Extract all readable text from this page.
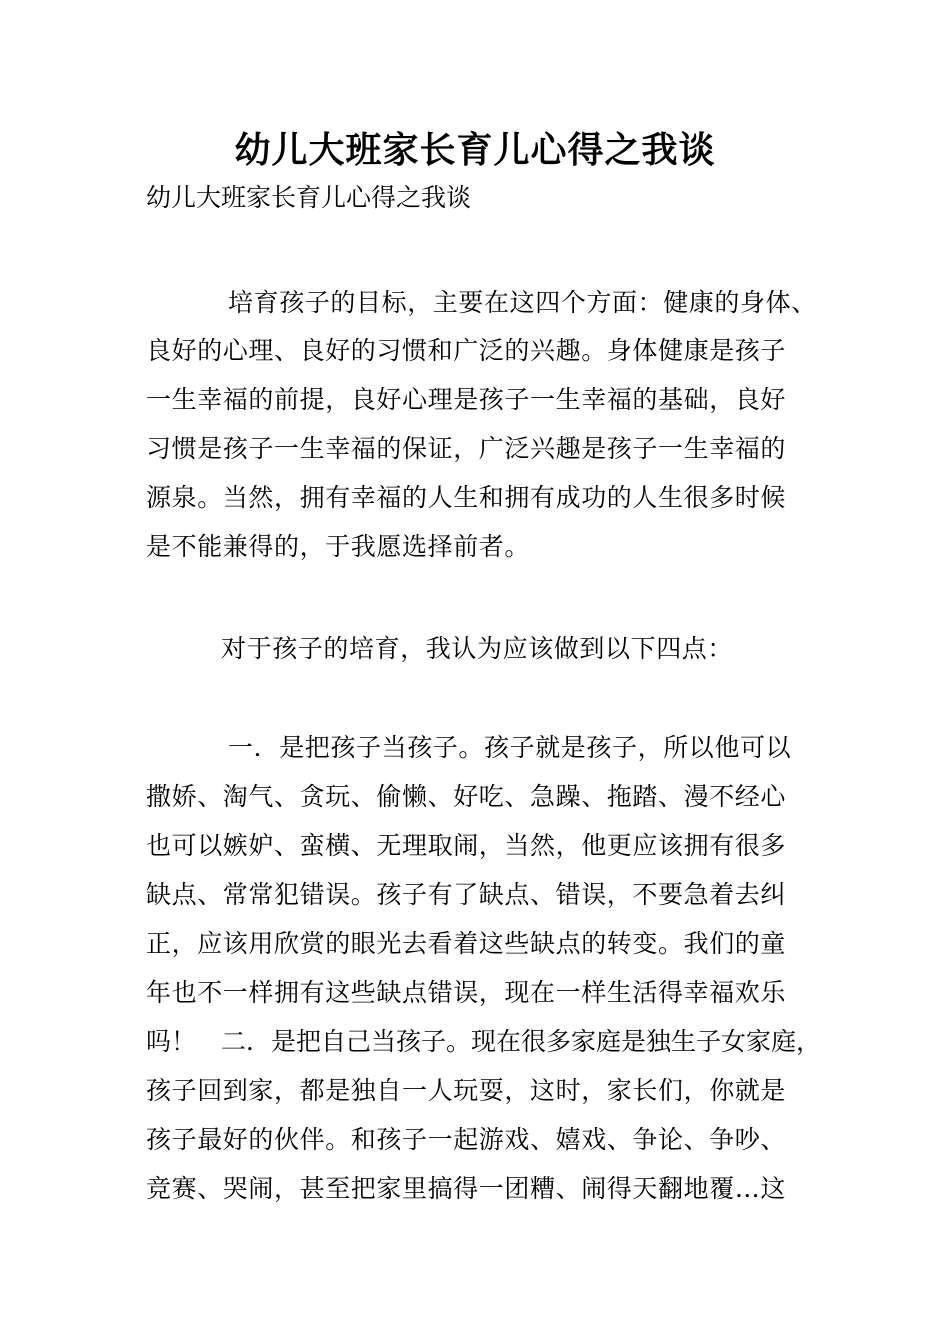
幼儿大班家长育儿心得之我谈

幼儿大班家长育儿心得之我谈

培育孩子的目标，主要在这四个方面：健康的身体、

良好的心理、良好的习惯和广泛的兴趣。身体健康是孩子

一生幸福的前提，良好心理是孩子一生幸福的基础，良好

习惯是孩子一生幸福的保证，广泛兴趣是孩子一生幸福的

源泉。当然，拥有幸福的人生和拥有成功的人生很多时候

是不能兼得的，于我愿选择前者。

对于孩子的培育，我认为应该做到以下四点：

一．是把孩子当孩子。孩子就是孩子，所以他可以

撒娇、淘气、贪玩、偷懒、好吃、急躁、拖踏、漫不经心

也可以嫉妒、蛮横、无理取闹，当然，他更应该拥有很多

缺点、常常犯错误。孩子有了缺点、错误，不要急着去纠

正，应该用欣赏的眼光去看着这些缺点的转变。我们的童

年也不一样拥有这些缺点错误，现在一样生活得幸福欢乐

吗！　二．是把自己当孩子。现在很多家庭是独生子女家庭，

孩子回到家，都是独自一人玩耍，这时，家长们，你就是

孩子最好的伙伴。和孩子一起游戏、嬉戏、争论、争吵、

竞赛、哭闹，甚至把家里搞得一团糟、闹得天翻地覆…这
